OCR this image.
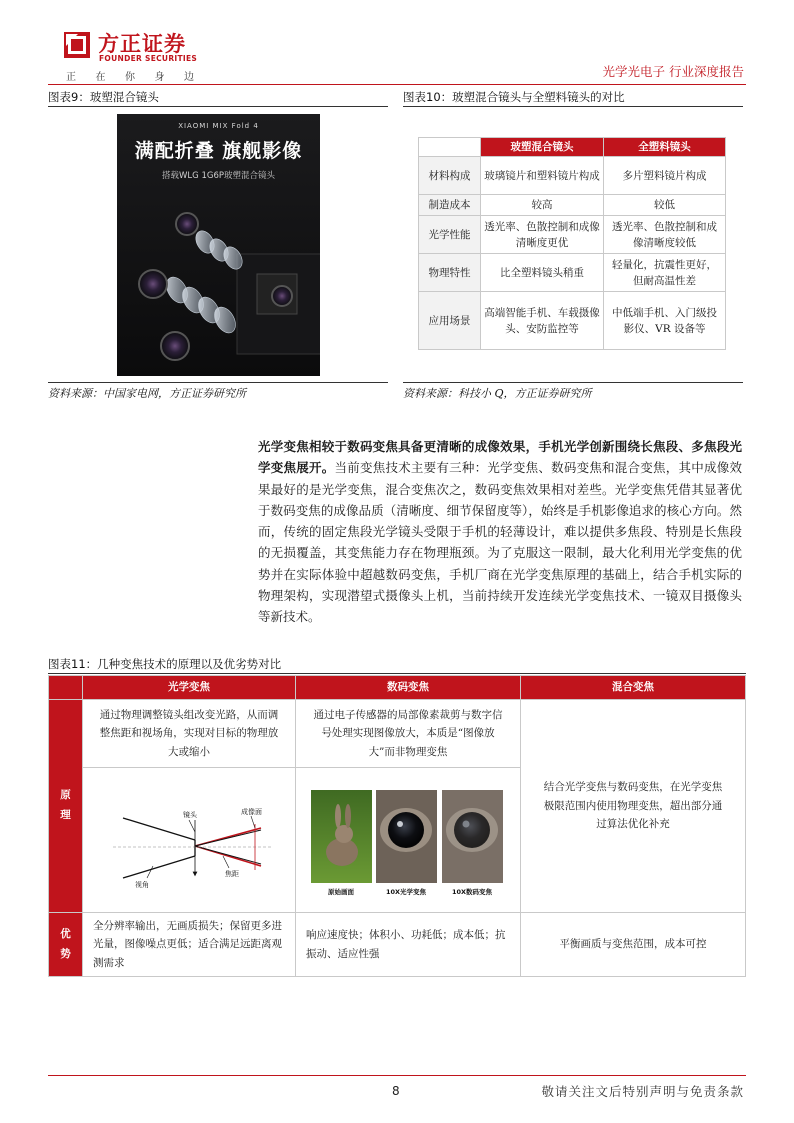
方正证券
FOUNDER SECURITIES
正 在 你 身 边	光学光电子 行业深度报告
图表9：玻塑混合镜头
XIAOMI MIX Fold 4
满配折叠 旗舰影像
搭载WLG 1G6P玻塑混合镜头
资料来源：中国家电网，方正证券研究所
图表10：玻塑混合镜头与全塑料镜头的对比
	玻塑混合镜头	全塑料镜头
材料构成	玻璃镜片和塑料镜片构成	多片塑料镜片构成
制造成本	较高	较低
光学性能	透光率、色散控制和成像清晰度更优	透光率、色散控制和成像清晰度较低
物理特性	比全塑料镜头稍重	轻量化，抗震性更好，但耐高温性差
应用场景	高端智能手机、车载摄像头、安防监控等	中低端手机、入门级投影仪、VR 设备等
资料来源：科技小 Q，方正证券研究所
光学变焦相较于数码变焦具备更清晰的成像效果，手机光学创新围绕长焦段、多焦段光学变焦展开。当前变焦技术主要有三种：光学变焦、数码变焦和混合变焦，其中成像效果最好的是光学变焦，混合变焦次之，数码变焦效果相对差些。光学变焦凭借其显著优于数码变焦的成像品质（清晰度、细节保留度等），始终是手机影像追求的核心方向。然而，传统的固定焦段光学镜头受限于手机的轻薄设计，难以提供多焦段、特别是长焦段的无损覆盖，其变焦能力存在物理瓶颈。为了克服这一限制，最大化利用光学变焦的优势并在实际体验中超越数码变焦，手机厂商在光学变焦原理的基础上，结合手机实际的物理架构，实现潜望式摄像头上机，当前持续开发连续光学变焦技术、一镜双目摄像头等新技术。
图表11：几种变焦技术的原理以及优劣势对比
	光学变焦	数码变焦	混合变焦
原理	通过物理调整镜头组改变光路，从而调整焦距和视场角，实现对目标的物理放大或缩小	通过电子传感器的局部像素裁剪与数字信号处理实现图像放大，本质是“图像放大”而非物理变焦	结合光学变焦与数码变焦，在光学变焦极限范围内使用物理变焦，超出部分通过算法优化补充

镜头 成像面
视角
焦距	原始画面 10X光学变焦 10X数码变焦	

优势	全分辨率输出，无画质损失；保留更多进光量，图像噪点更低；适合满足远距离观测需求	响应速度快；体积小、功耗低；成本低；抗振动、适应性强	平衡画质与变焦范围，成本可控
8	敬请关注文后特别声明与免责条款
